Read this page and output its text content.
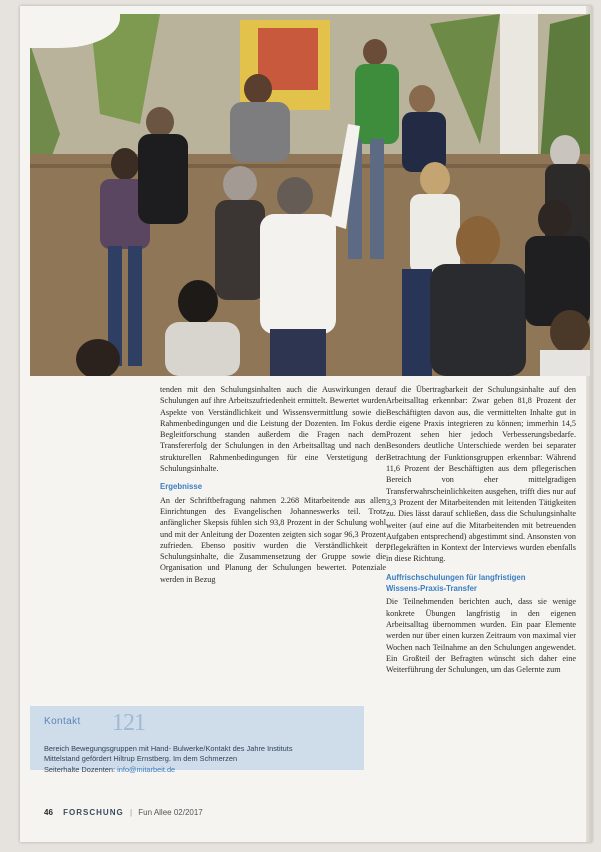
tenden mit den Schulungsinhalten auch die Auswirkungen der Schulungen auf ihre Arbeitszufriedenheit ermittelt. Bewertet wurden Aspekte von Verständlichkeit und Wissensvermittlung sowie die Rahmenbedingungen und die Leistung der Dozenten. Im Fokus der Begleitforschung standen außerdem die Fragen nach dem Transfererfolg der Schulungen in den Arbeitsalltag und nach den strukturellen Rahmenbedingungen für eine Verstetigung der Schulungsinhalte.

Ergebnisse

An der Schriftbefragung nahmen 2.268 Mitarbeitende aus allen Einrichtungen des Evangelischen Johanneswerks teil. Trotz anfänglicher Skepsis fühlen sich 93,8 Prozent in der Schulung wohl und mit der Anleitung der Dozenten zeigten sich sogar 96,3 Prozent zufrieden. Ebenso positiv wurden die Verständlichkeit der Schulungsinhalte, die Zusammensetzung der Gruppe sowie die Organisation und Planung der Schulungen bewertet. Potenziale werden in Bezug

auf die Übertragbarkeit der Schulungsinhalte auf den Arbeitsalltag erkennbar: Zwar geben 81,8 Prozent der Beschäftigten davon aus, die vermittelten Inhalte gut in die eigene Praxis integrieren zu können; immerhin 14,5 Prozent sehen hier jedoch Verbesserungsbedarfe. Besonders deutliche Unterschiede werden bei separater Betrachtung der Funktionsgruppen erkennbar: Während 11,6 Prozent der Beschäftigten aus dem pflegerischen Bereich von eher mittelgradigen Transferwahrscheinlichkeiten ausgehen, trifft dies nur auf 3,3 Prozent der Mitarbeitenden mit leitenden Tätigkeiten zu. Dies lässt darauf schließen, dass die Schulungsinhalte weiter (auf eine auf die Mitarbeitenden mit betreuenden Aufgaben entsprechend) abgestimmt sind. Ansonsten von Pflegekräften in Kontext der Interviews wurden ebenfalls in diese Richtung.

Auffrischschulungen für langfristigen
Wissens-Praxis-Transfer

Die Teilnehmenden berichten auch, dass sie wenige konkrete Übungen langfristig in den eigenen Arbeitsalltag übernommen wurden. Ein paar Elemente werden nur über einen kurzen Zeitraum von maximal vier Wochen nach Teilnahme an den Schulungen angewendet. Ein Großteil der Befragten wünscht sich daher eine Weiterführung der Schulungen, um das Gelernte zum

Kontakt 121
Bereich Bewegungsgruppen mit Hand- Bulwerke/Kontakt des Jahre Instituts
Mittelstand gefördert Hiltrup Ernstberg. Im dem Schmerzen
Seiterhalte Dozenten: info@mitarbeit.de
46 FORSCHUNG | Fun Allee 02/2017
